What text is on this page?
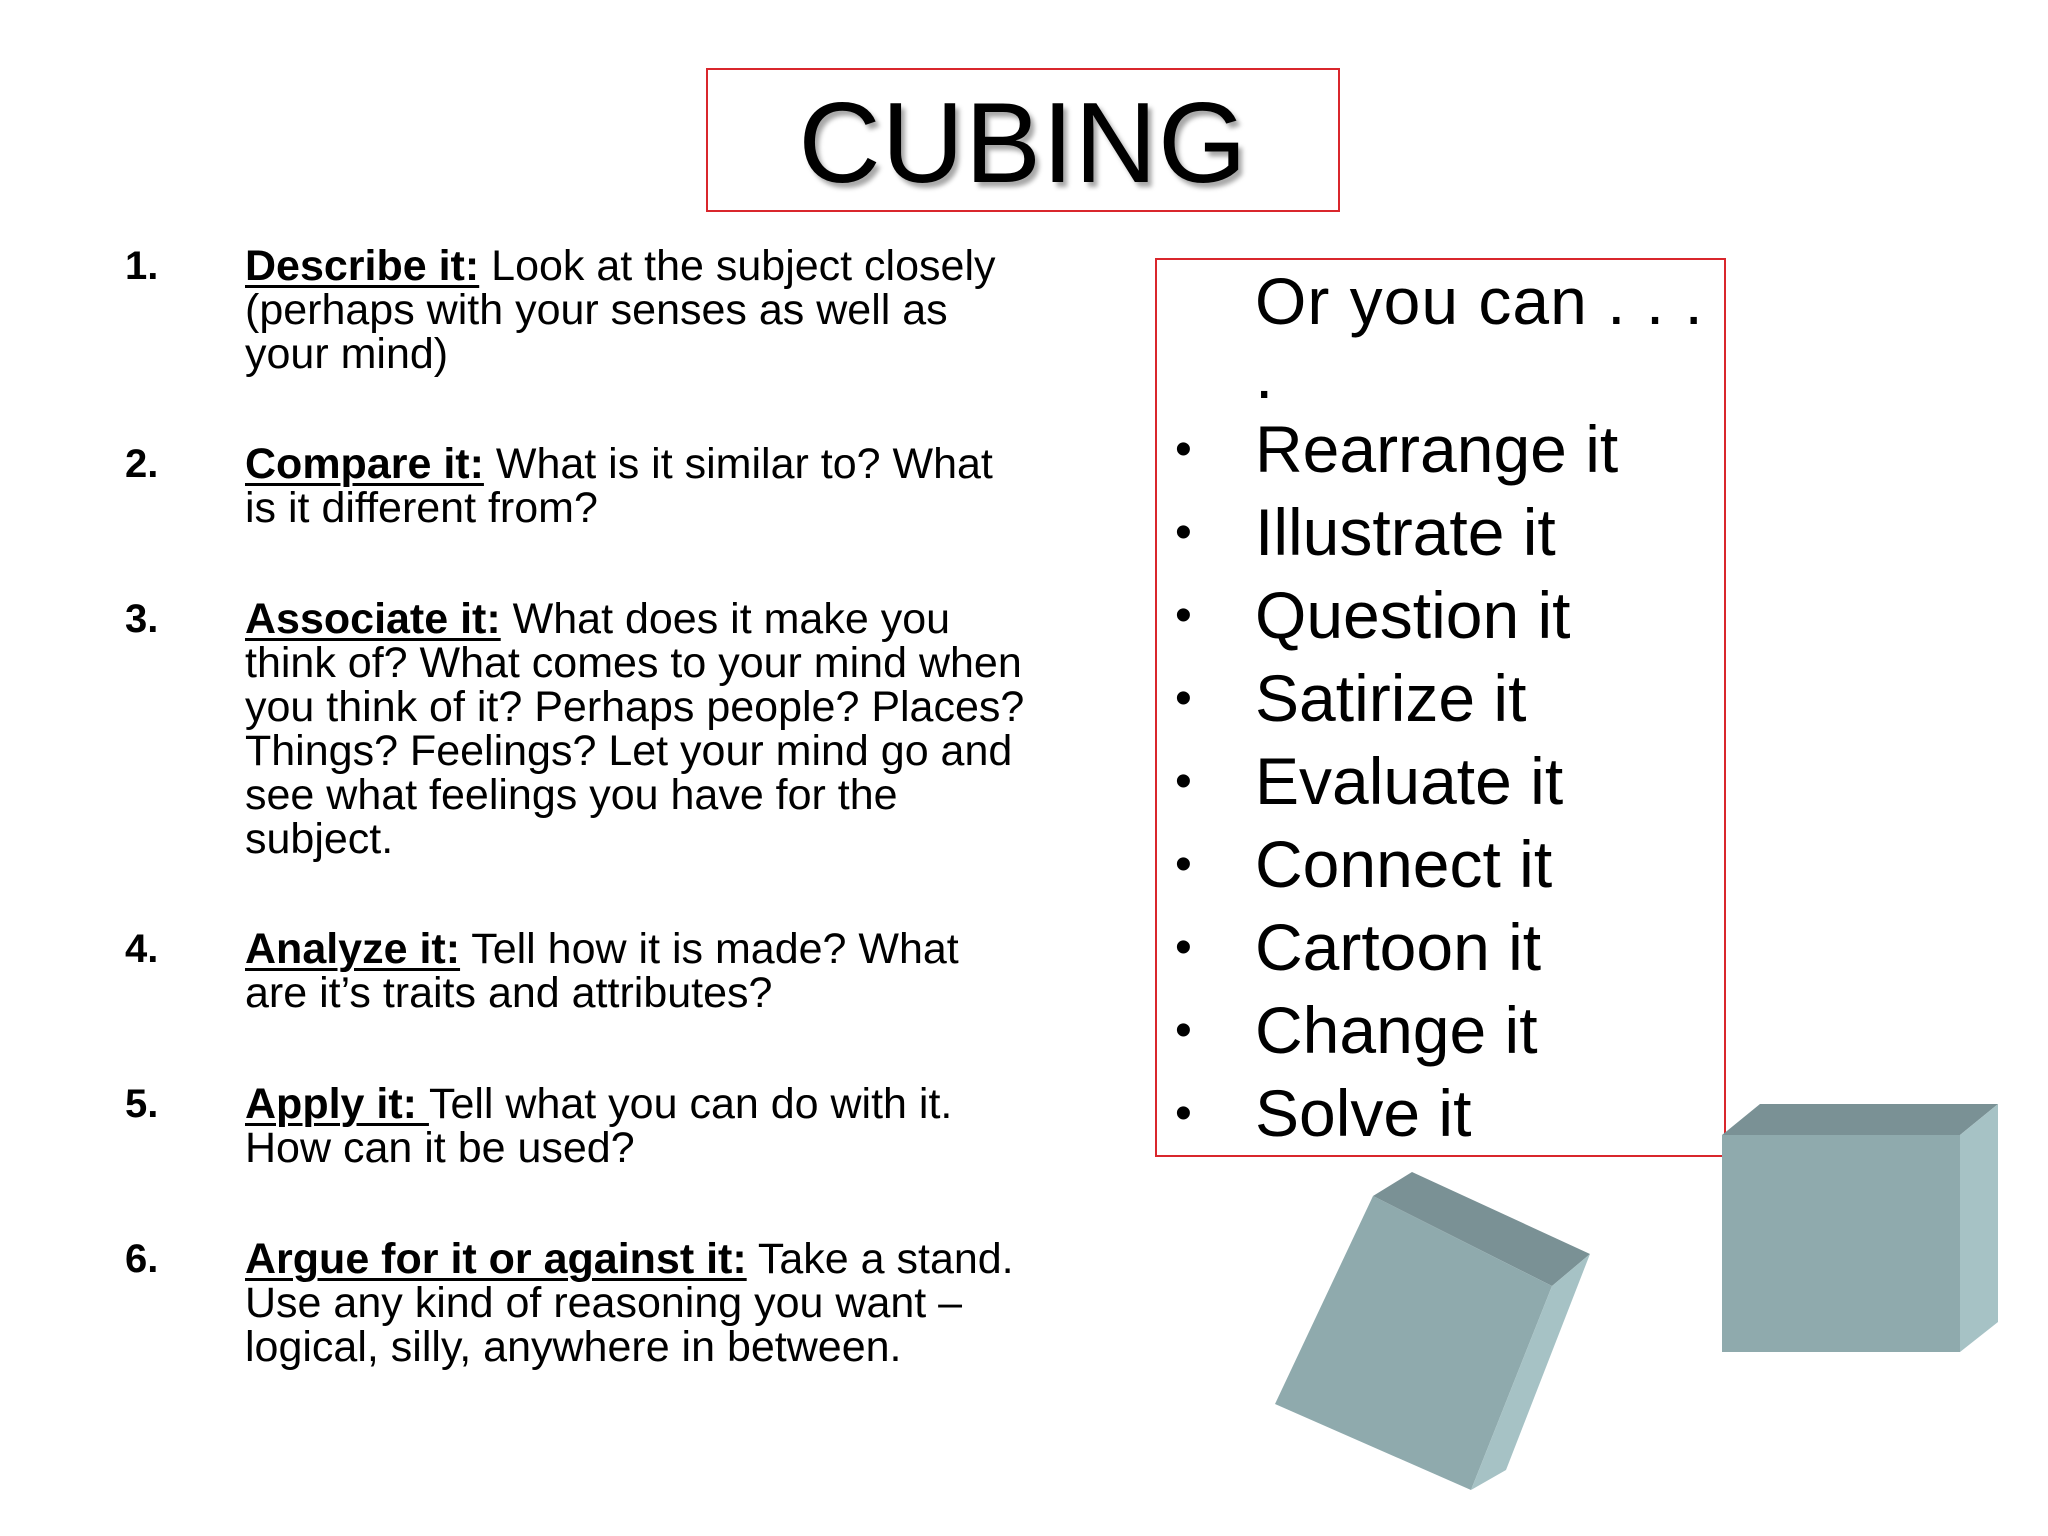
CUBING
1. Describe it: Look at the subject closely (perhaps with your senses as well as your mind)
2. Compare it: What is it similar to? What is it different from?
3. Associate it: What does it make you think of? What comes to your mind when you think of it? Perhaps people? Places? Things? Feelings? Let your mind go and see what feelings you have for the subject.
4. Analyze it: Tell how it is made? What are it’s traits and attributes?
5. Apply it: Tell what you can do with it. How can it be used?
6. Argue for it or against it: Take a stand. Use any kind of reasoning you want – logical, silly, anywhere in between.
Or you can . . . .
• Rearrange it
• Illustrate it
• Question it
• Satirize it
• Evaluate it
• Connect it
• Cartoon it
• Change it
• Solve it
